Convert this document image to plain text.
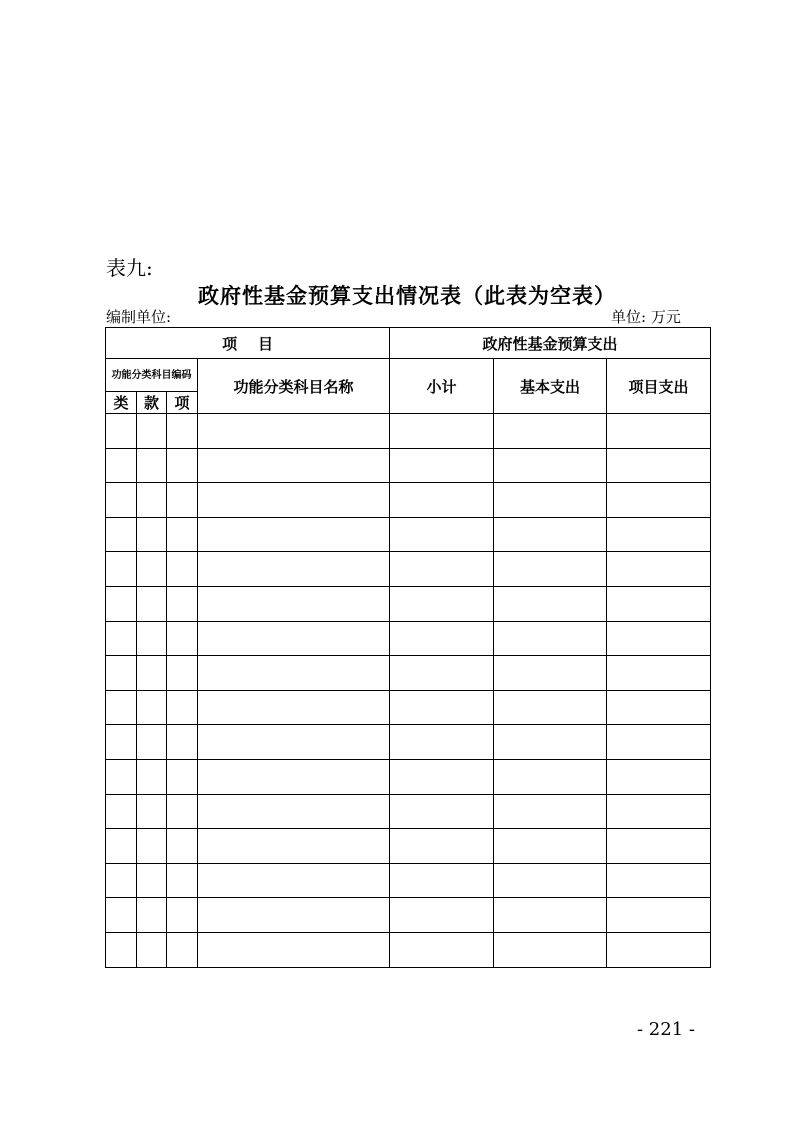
表九:
政府性基金预算支出情况表（此表为空表）
编制单位:	单位: 万元
项    目				政府性基金预算支出		
功能分类科目编码			功能分类科目名称	小计	基本支出	项目支出
类	款	项				

- 221 -
